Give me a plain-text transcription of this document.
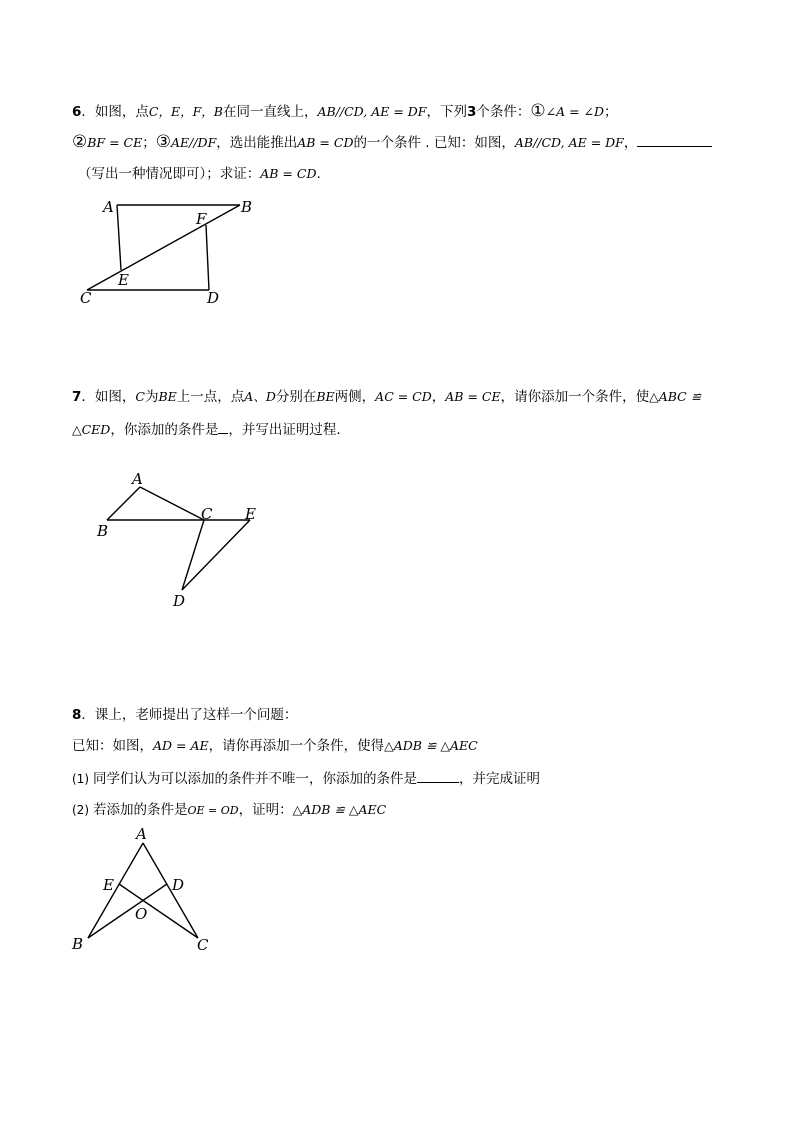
6．如图，点C，E，F，B在同一直线上，AB//CD, AE = DF，下列3个条件：①∠A = ∠D；
②BF = CE；③AE//DF，选出能推出AB = CD的一个条件 . 已知：如图，AB//CD, AE = DF，
（写出一种情况即可）；求证：AB = CD.
7．如图，C为BE上一点，点A、D分别在BE两侧，AC = CD，AB = CE，请你添加一个条件，使△ABC ≌
△CED，你添加的条件是 ，并写出证明过程.
8．课上，老师提出了这样一个问题：
已知：如图，AD = AE，请你再添加一个条件，使得△ADB ≌ △AEC
(1) 同学们认为可以添加的条件并不唯一，你添加的条件是	，并完成证明
(2) 若添加的条件是OE = OD，证明：△ADB ≌ △AEC
A	B
F
E
C	D
A
B
C E
D
A
E	D
O
B	C
